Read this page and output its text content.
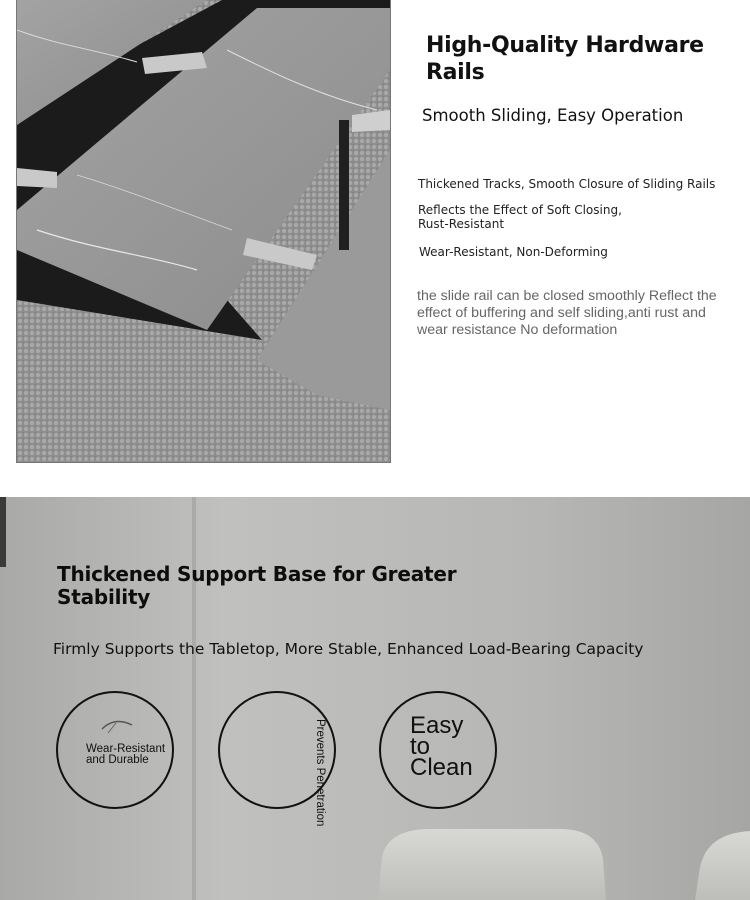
High-Quality Hardware Rails

Smooth Sliding, Easy Operation

Thickened Tracks, Smooth Closure of Sliding Rails

Reflects the Effect of Soft Closing, Rust-Resistant

Wear-Resistant, Non-Deforming

the slide rail can be closed smoothly Reflect the effect of buffering and self sliding,anti rust and wear resistance No deformation

Thickened Support Base for Greater Stability

Firmly Supports the Tabletop, More Stable, Enhanced Load-Bearing Capacity

Wear-Resistant and Durable	Prevents Penetration	Easy to Clean
